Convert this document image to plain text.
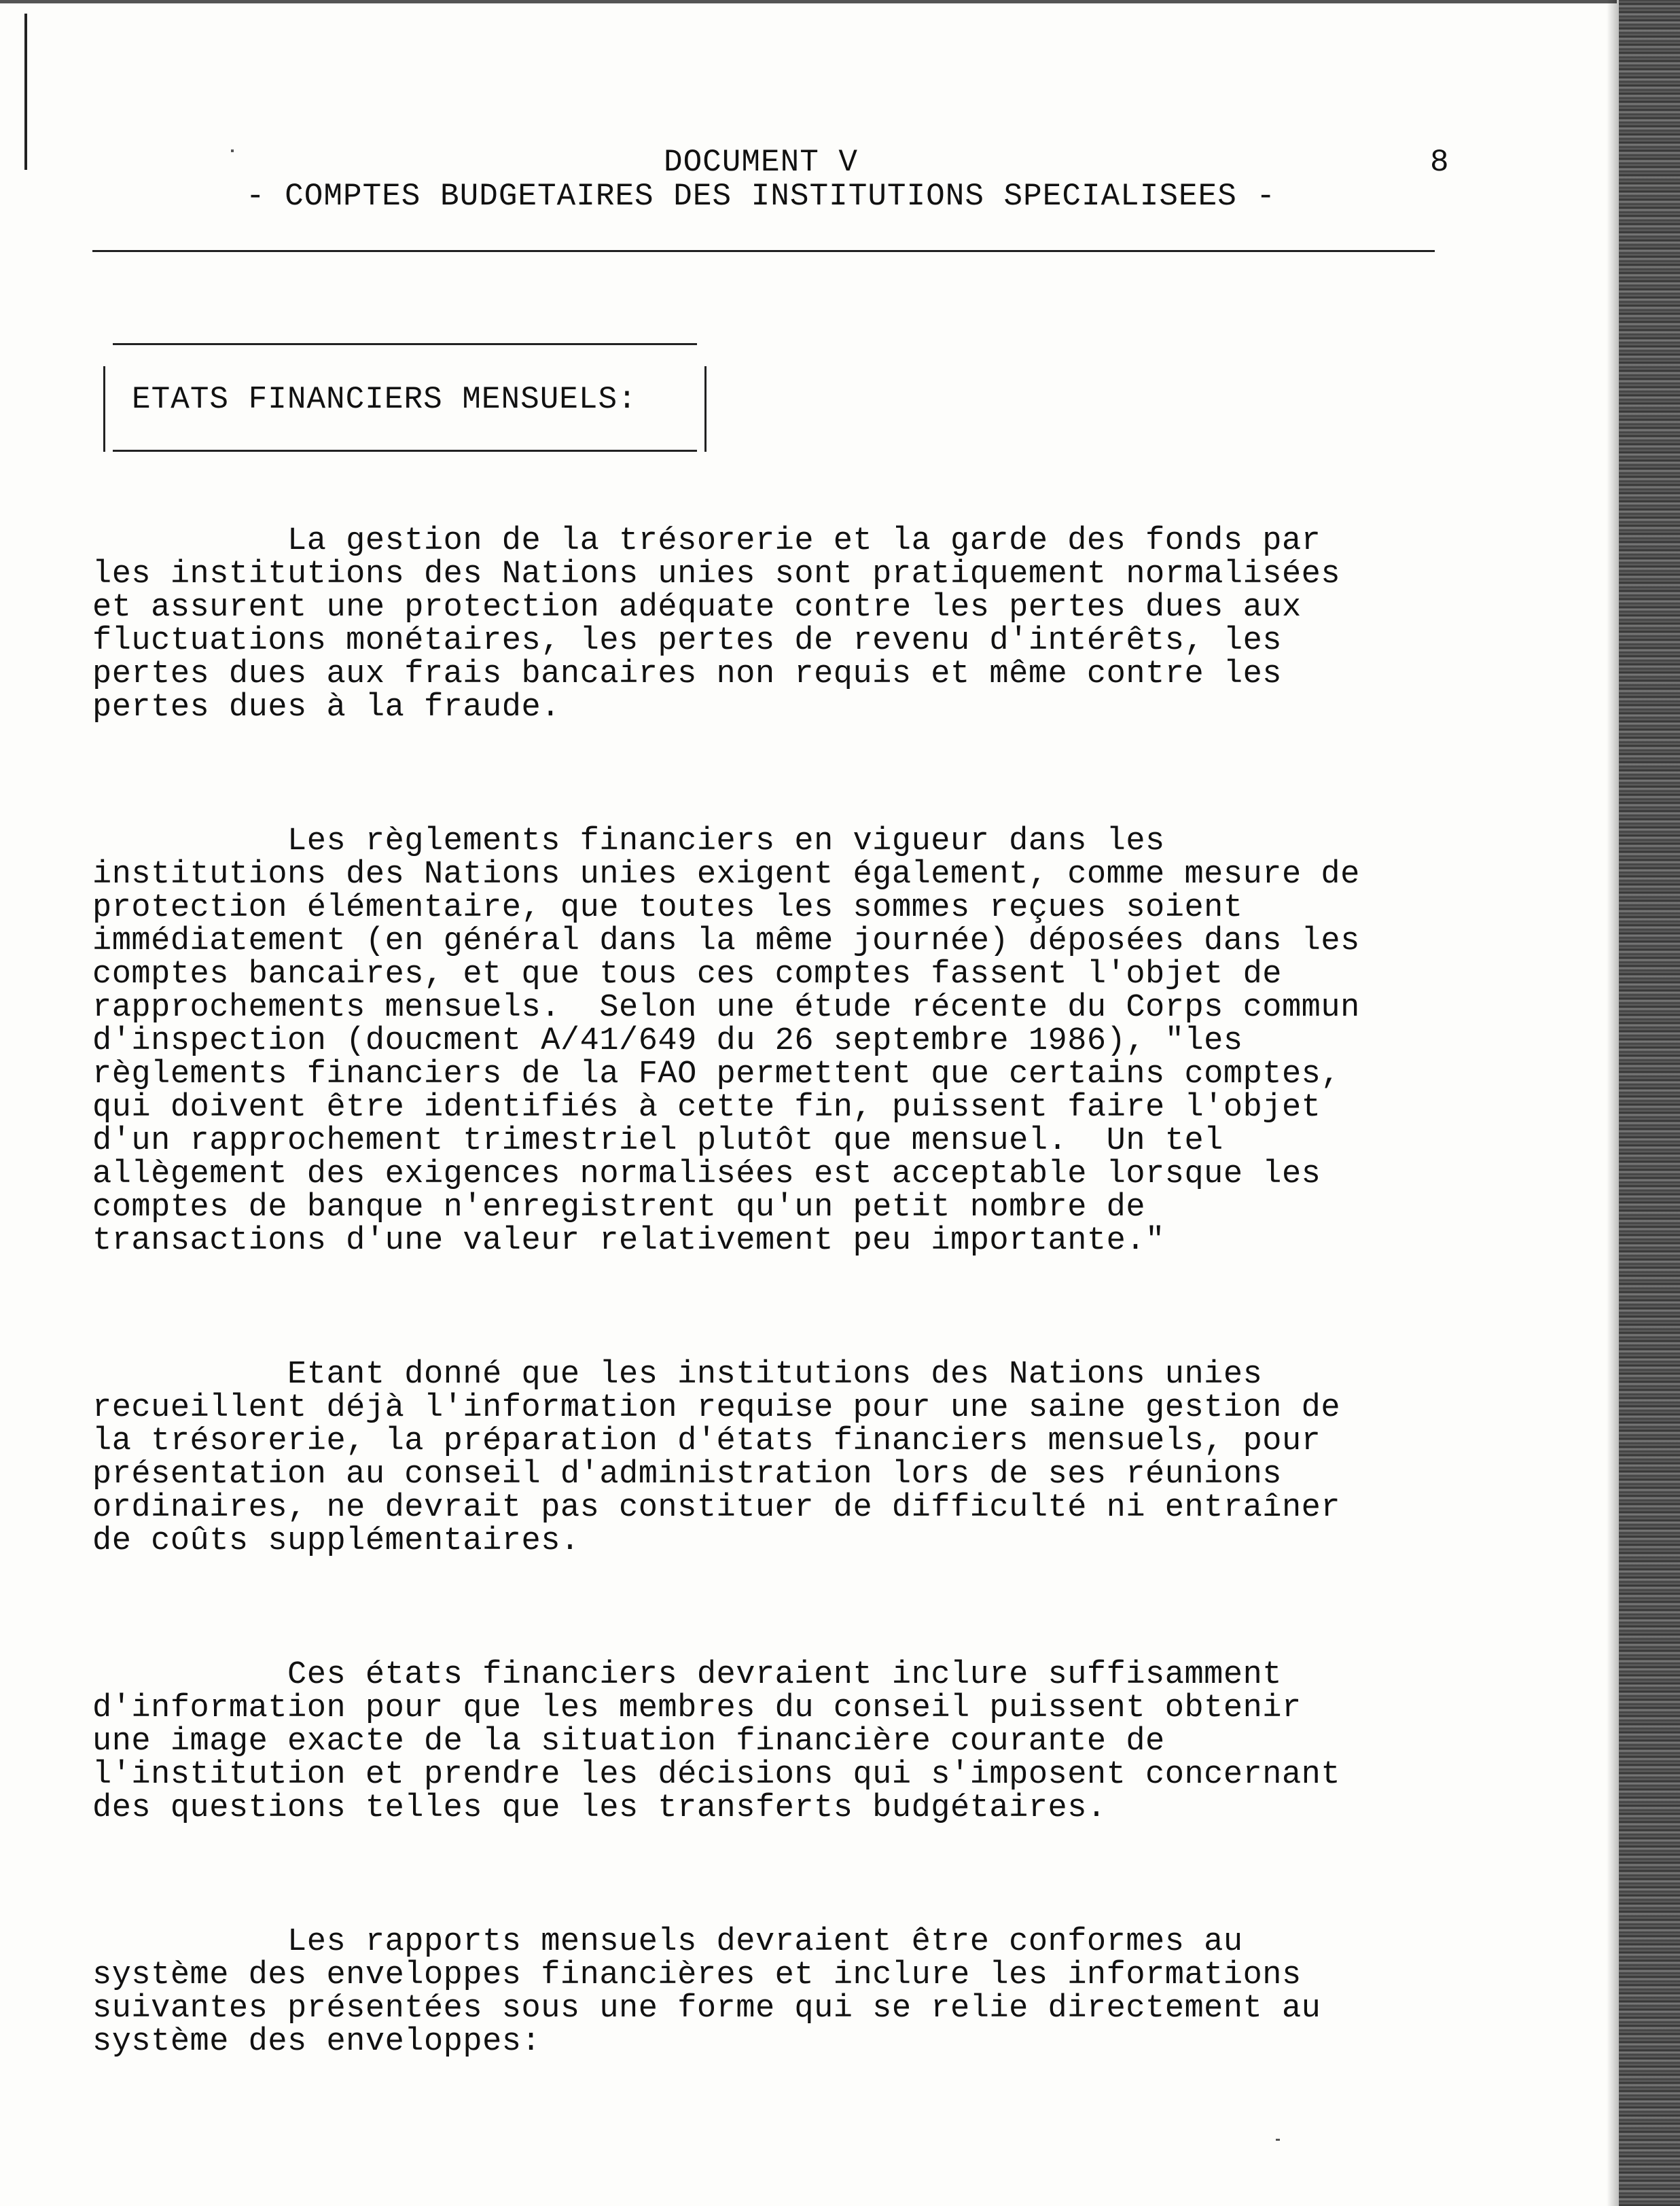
DOCUMENT V
- COMPTES BUDGETAIRES DES INSTITUTIONS SPECIALISEES -
8
ETATS FINANCIERS MENSUELS:

La gestion de la trésorerie et la garde des fonds par
les institutions des Nations unies sont pratiquement normalisées
et assurent une protection adéquate contre les pertes dues aux
fluctuations monétaires, les pertes de revenu d'intérêts, les
pertes dues aux frais bancaires non requis et même contre les
pertes dues à la fraude.

Les règlements financiers en vigueur dans les
institutions des Nations unies exigent également, comme mesure de
protection élémentaire, que toutes les sommes reçues soient
immédiatement (en général dans la même journée) déposées dans les
comptes bancaires, et que tous ces comptes fassent l'objet de
rapprochements mensuels.  Selon une étude récente du Corps commun
d'inspection (doucment A/41/649 du 26 septembre 1986), "les
règlements financiers de la FAO permettent que certains comptes,
qui doivent être identifiés à cette fin, puissent faire l'objet
d'un rapprochement trimestriel plutôt que mensuel.  Un tel
allègement des exigences normalisées est acceptable lorsque les
comptes de banque n'enregistrent qu'un petit nombre de
transactions d'une valeur relativement peu importante."

Etant donné que les institutions des Nations unies
recueillent déjà l'information requise pour une saine gestion de
la trésorerie, la préparation d'états financiers mensuels, pour
présentation au conseil d'administration lors de ses réunions
ordinaires, ne devrait pas constituer de difficulté ni entraîner
de coûts supplémentaires.

Ces états financiers devraient inclure suffisamment
d'information pour que les membres du conseil puissent obtenir
une image exacte de la situation financière courante de
l'institution et prendre les décisions qui s'imposent concernant
des questions telles que les transferts budgétaires.

Les rapports mensuels devraient être conformes au
système des enveloppes financières et inclure les informations
suivantes présentées sous une forme qui se relie directement au
système des enveloppes:
